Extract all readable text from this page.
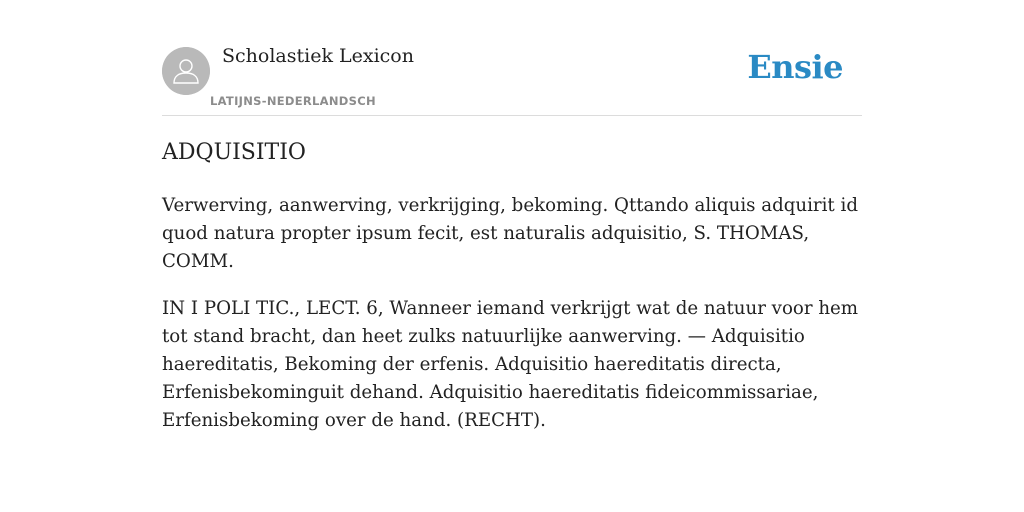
Scholastiek Lexicon
LATIJNS-NEDERLANDSCH
Ensie
ADQUISITIO

Verwerving, aanwerving, verkrijging, bekoming. Qttando aliquis adquirit id quod natura propter ipsum fecit, est naturalis adquisitio, S. THOMAS, COMM.

IN I POLI TIC., LECT. 6, Wanneer iemand verkrijgt wat de natuur voor hem tot stand bracht, dan heet zulks natuurlijke aanwerving. — Adquisitio haereditatis, Bekoming der erfenis. Adquisitio haereditatis directa, Erfenisbekominguit dehand. Adquisitio haereditatis fideicommissariae, Erfenisbekoming over de hand. (RECHT).
